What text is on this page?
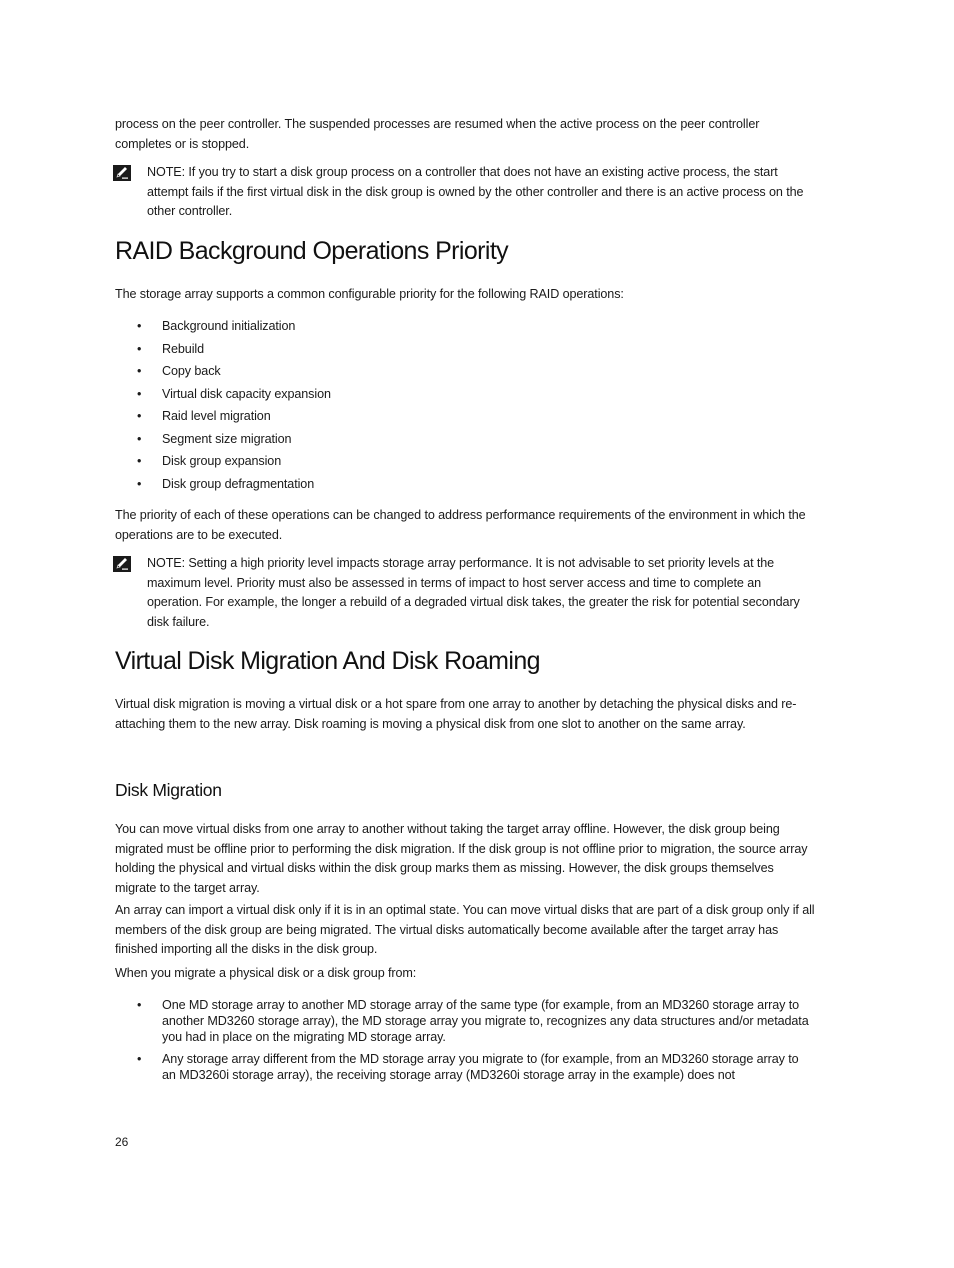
process on the peer controller. The suspended processes are resumed when the active process on the peer controller completes or is stopped.

NOTE: If you try to start a disk group process on a controller that does not have an existing active process, the start attempt fails if the first virtual disk in the disk group is owned by the other controller and there is an active process on the other controller.
RAID Background Operations Priority

The storage array supports a common configurable priority for the following RAID operations:

• Background initialization
• Rebuild
• Copy back
• Virtual disk capacity expansion
• Raid level migration
• Segment size migration
• Disk group expansion
• Disk group defragmentation

The priority of each of these operations can be changed to address performance requirements of the environment in which the operations are to be executed.

NOTE: Setting a high priority level impacts storage array performance. It is not advisable to set priority levels at the maximum level. Priority must also be assessed in terms of impact to host server access and time to complete an operation. For example, the longer a rebuild of a degraded virtual disk takes, the greater the risk for potential secondary disk failure.
Virtual Disk Migration And Disk Roaming

Virtual disk migration is moving a virtual disk or a hot spare from one array to another by detaching the physical disks and re-attaching them to the new array. Disk roaming is moving a physical disk from one slot to another on the same array.

Disk Migration

You can move virtual disks from one array to another without taking the target array offline. However, the disk group being migrated must be offline prior to performing the disk migration. If the disk group is not offline prior to migration, the source array holding the physical and virtual disks within the disk group marks them as missing. However, the disk groups themselves migrate to the target array.

An array can import a virtual disk only if it is in an optimal state. You can move virtual disks that are part of a disk group only if all members of the disk group are being migrated. The virtual disks automatically become available after the target array has finished importing all the disks in the disk group.

When you migrate a physical disk or a disk group from:

• One MD storage array to another MD storage array of the same type (for example, from an MD3260 storage array to another MD3260 storage array), the MD storage array you migrate to, recognizes any data structures and/or metadata you had in place on the migrating MD storage array.
• Any storage array different from the MD storage array you migrate to (for example, from an MD3260 storage array to an MD3260i storage array), the receiving storage array (MD3260i storage array in the example) does not
26
